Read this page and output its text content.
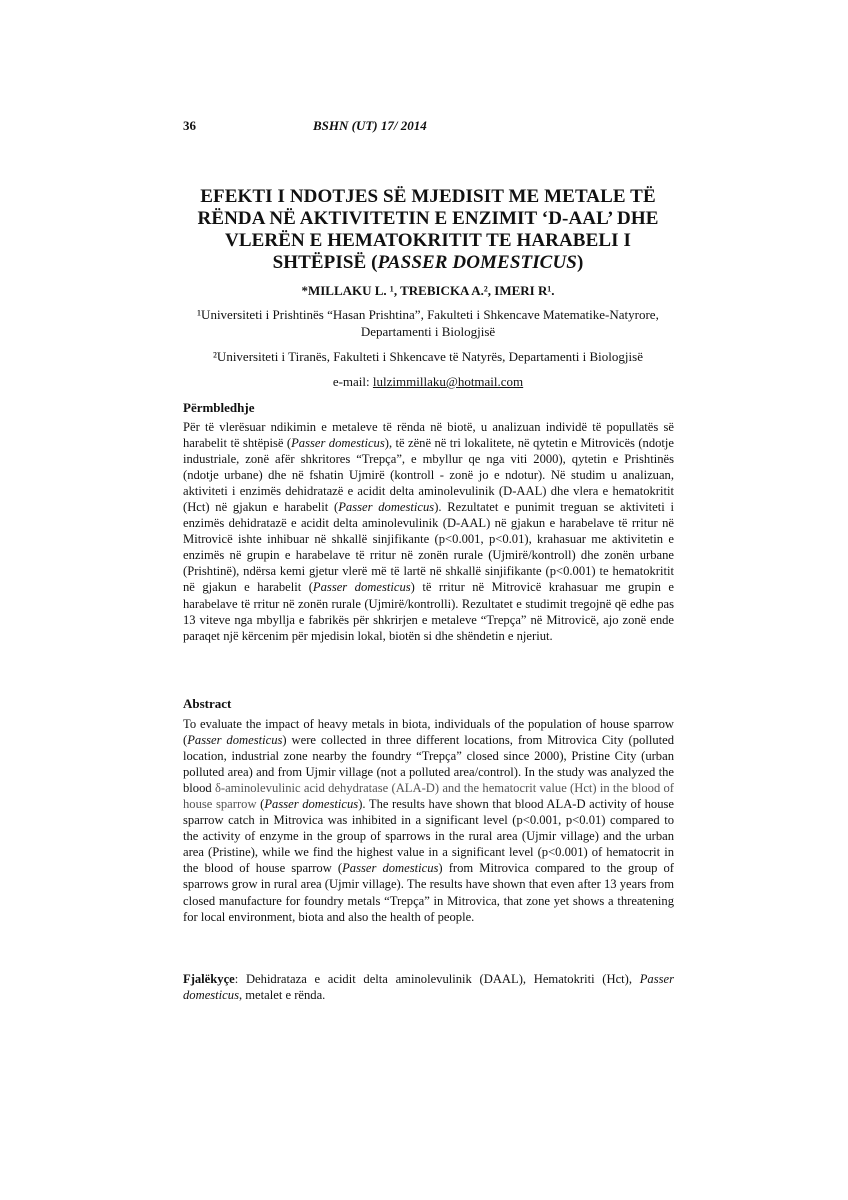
36	BSHN (UT) 17/ 2014
EFEKTI I NDOTJES SË MJEDISIT ME METALE TË RËNDA NË AKTIVITETIN E ENZIMIT ‘D-AAL’ DHE VLERËN E HEMATOKRITIT TE HARABELI I SHTËPISË (PASSER DOMESTICUS)
*MILLAKU L. ¹, TREBICKA A.², IMERI R¹.
¹Universiteti i Prishtinës “Hasan Prishtina”, Fakulteti i Shkencave Matematike-Natyrore, Departamenti i Biologjisë
²Universiteti i Tiranës, Fakulteti i Shkencave të Natyrës, Departamenti i Biologjisë
e-mail: lulzimmillaku@hotmail.com
Përmbledhje
Për të vlerësuar ndikimin e metaleve të rënda në biotë, u analizuan individë të popullatës së harabelit të shtëpisë (Passer domesticus), të zënë në tri lokalitete, në qytetin e Mitrovicës (ndotje industriale, zonë afër shkritores “Trepça”, e mbyllur qe nga viti 2000), qytetin e Prishtinës (ndotje urbane) dhe në fshatin Ujmirë (kontroll - zonë jo e ndotur). Në studim u analizuan, aktiviteti i enzimës dehidratazë e acidit delta aminolevulinik (D-AAL) dhe vlera e hematokritit (Hct) në gjakun e harabelit (Passer domesticus). Rezultatet e punimit treguan se aktiviteti i enzimës dehidratazë e acidit delta aminolevulinik (D-AAL) në gjakun e harabelave të rritur në Mitrovicë ishte inhibuar në shkallë sinjifikante (p<0.001, p<0.01), krahasuar me aktivitetin e enzimës në grupin e harabelave të rritur në zonën rurale (Ujmirë/kontroll) dhe zonën urbane (Prishtinë), ndërsa kemi gjetur vlerë më të lartë në shkallë sinjifikante (p<0.001) te hematokritit në gjakun e harabelit (Passer domesticus) të rritur në Mitrovicë krahasuar me grupin e harabelave të rritur në zonën rurale (Ujmirë/kontrolli). Rezultatet e studimit tregojnë që edhe pas 13 viteve nga mbyllja e fabrikës për shkrirjen e metaleve “Trepça” në Mitrovicë, ajo zonë ende paraqet një kërcenim për mjedisin lokal, biotën si dhe shëndetin e njeriut.
Abstract
To evaluate the impact of heavy metals in biota, individuals of the population of house sparrow (Passer domesticus) were collected in three different locations, from Mitrovica City (polluted location, industrial zone nearby the foundry “Trepça” closed since 2000), Pristine City (urban polluted area) and from Ujmir village (not a polluted area/control). In the study was analyzed the blood δ-aminolevulinic acid dehydratase (ALA-D) and the hematocrit value (Hct) in the blood of house sparrow (Passer domesticus). The results have shown that blood ALA-D activity of house sparrow catch in Mitrovica was inhibited in a significant level (p<0.001, p<0.01) compared to the activity of enzyme in the group of sparrows in the rural area (Ujmir village) and the urban area (Pristine), while we find the highest value in a significant level (p<0.001) of hematocrit in the blood of house sparrow (Passer domesticus) from Mitrovica compared to the group of sparrows grow in rural area (Ujmir village). The results have shown that even after 13 years from closed manufacture for foundry metals “Trepça” in Mitrovica, that zone yet shows a threatening for local environment, biota and also the health of people.
Fjalëkyçe: Dehidrataza e acidit delta aminolevulinik (DAAL), Hematokriti (Hct), Passer domesticus, metalet e rënda.
